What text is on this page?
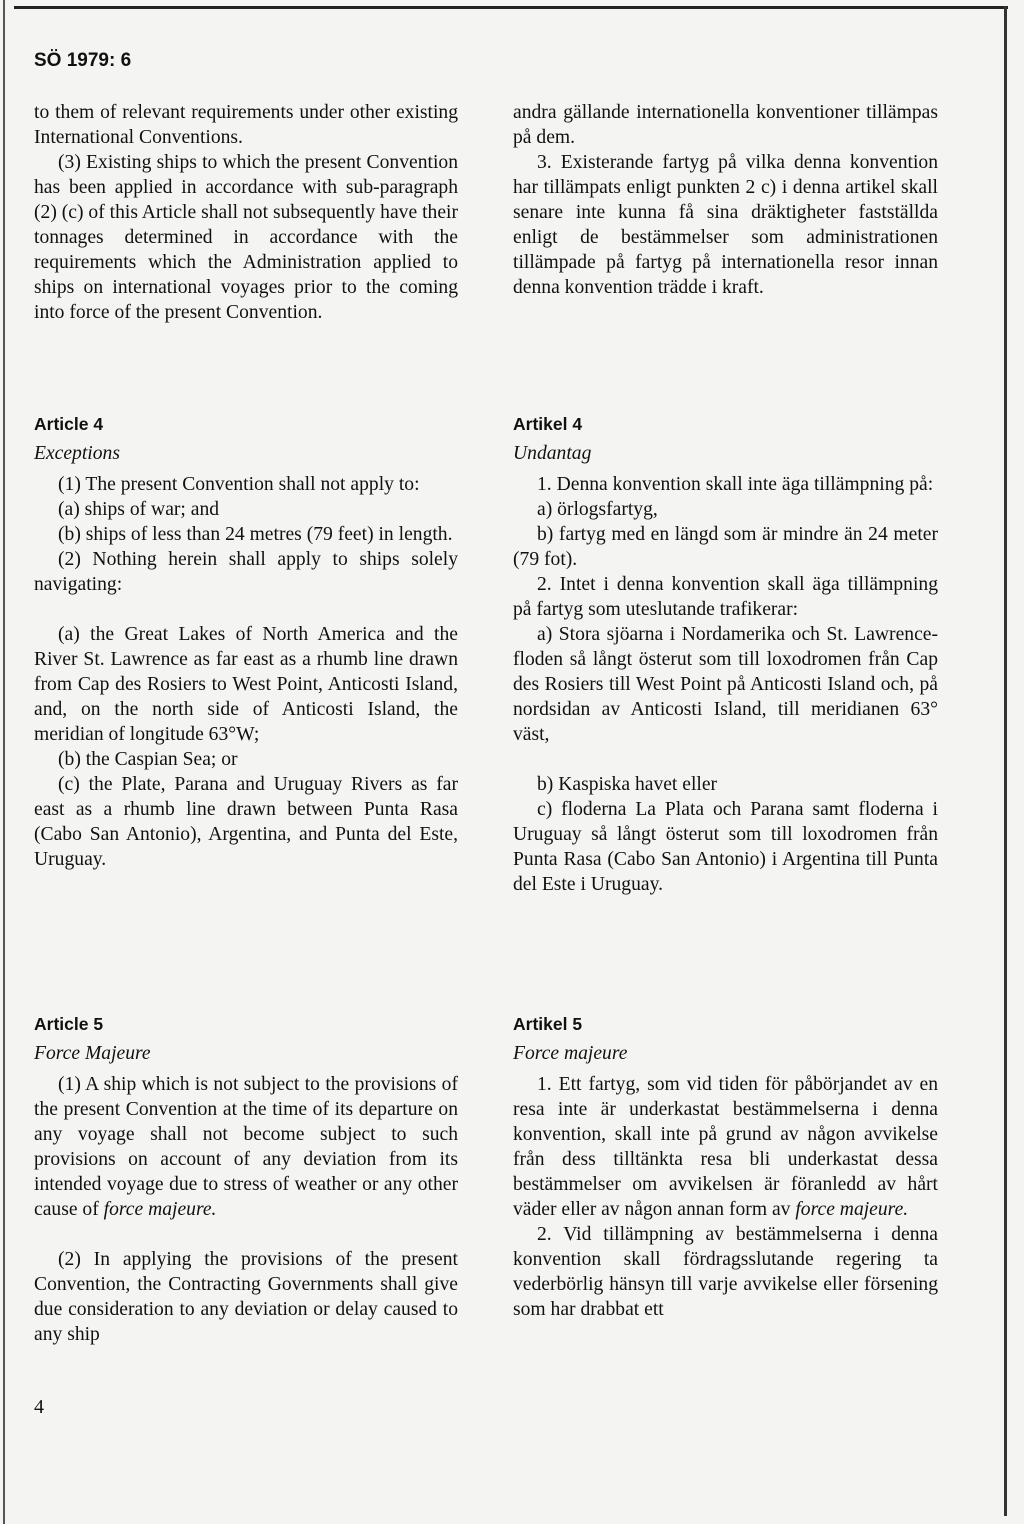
SÖ 1979: 6

to them of relevant requirements under other existing International Conventions.

(3) Existing ships to which the present Convention has been applied in accordance with sub-paragraph (2) (c) of this Article shall not subsequently have their tonnages determined in accordance with the requirements which the Administration applied to ships on international voyages prior to the coming into force of the present Convention.

Article 4
Exceptions

(1) The present Convention shall not apply to:

(a) ships of war; and

(b) ships of less than 24 metres (79 feet) in length.

(2) Nothing herein shall apply to ships solely navigating:

(a) the Great Lakes of North America and the River St. Lawrence as far east as a rhumb line drawn from Cap des Rosiers to West Point, Anticosti Island, and, on the north side of Anticosti Island, the meridian of longitude 63°W;

(b) the Caspian Sea; or

(c) the Plate, Parana and Uruguay Rivers as far east as a rhumb line drawn between Punta Rasa (Cabo San Antonio), Argentina, and Punta del Este, Uruguay.

Article 5
Force Majeure

(1) A ship which is not subject to the provisions of the present Convention at the time of its departure on any voyage shall not become subject to such provisions on account of any deviation from its intended voyage due to stress of weather or any other cause of force majeure.

(2) In applying the provisions of the present Convention, the Contracting Governments shall give due consideration to any deviation or delay caused to any ship

andra gällande internationella konventioner tillämpas på dem.

3. Existerande fartyg på vilka denna konvention har tillämpats enligt punkten 2 c) i denna artikel skall senare inte kunna få sina dräktigheter fastställda enligt de bestämmelser som administrationen tillämpade på fartyg på internationella resor innan denna konvention trädde i kraft.

Artikel 4
Undantag

1. Denna konvention skall inte äga tillämpning på:

a) örlogsfartyg,

b) fartyg med en längd som är mindre än 24 meter (79 fot).

2. Intet i denna konvention skall äga tillämpning på fartyg som uteslutande trafikerar:

a) Stora sjöarna i Nordamerika och St. Lawrence-floden så långt österut som till loxodromen från Cap des Rosiers till West Point på Anticosti Island och, på nordsidan av Anticosti Island, till meridianen 63° väst,

b) Kaspiska havet eller

c) floderna La Plata och Parana samt floderna i Uruguay så långt österut som till loxodromen från Punta Rasa (Cabo San Antonio) i Argentina till Punta del Este i Uruguay.

Artikel 5
Force majeure

1. Ett fartyg, som vid tiden för påbörjandet av en resa inte är underkastat bestämmelserna i denna konvention, skall inte på grund av någon avvikelse från dess tilltänkta resa bli underkastat dessa bestämmelser om avvikelsen är föranledd av hårt väder eller av någon annan form av force majeure.

2. Vid tillämpning av bestämmelserna i denna konvention skall fördragsslutande regering ta vederbörlig hänsyn till varje avvikelse eller försening som har drabbat ett

4
